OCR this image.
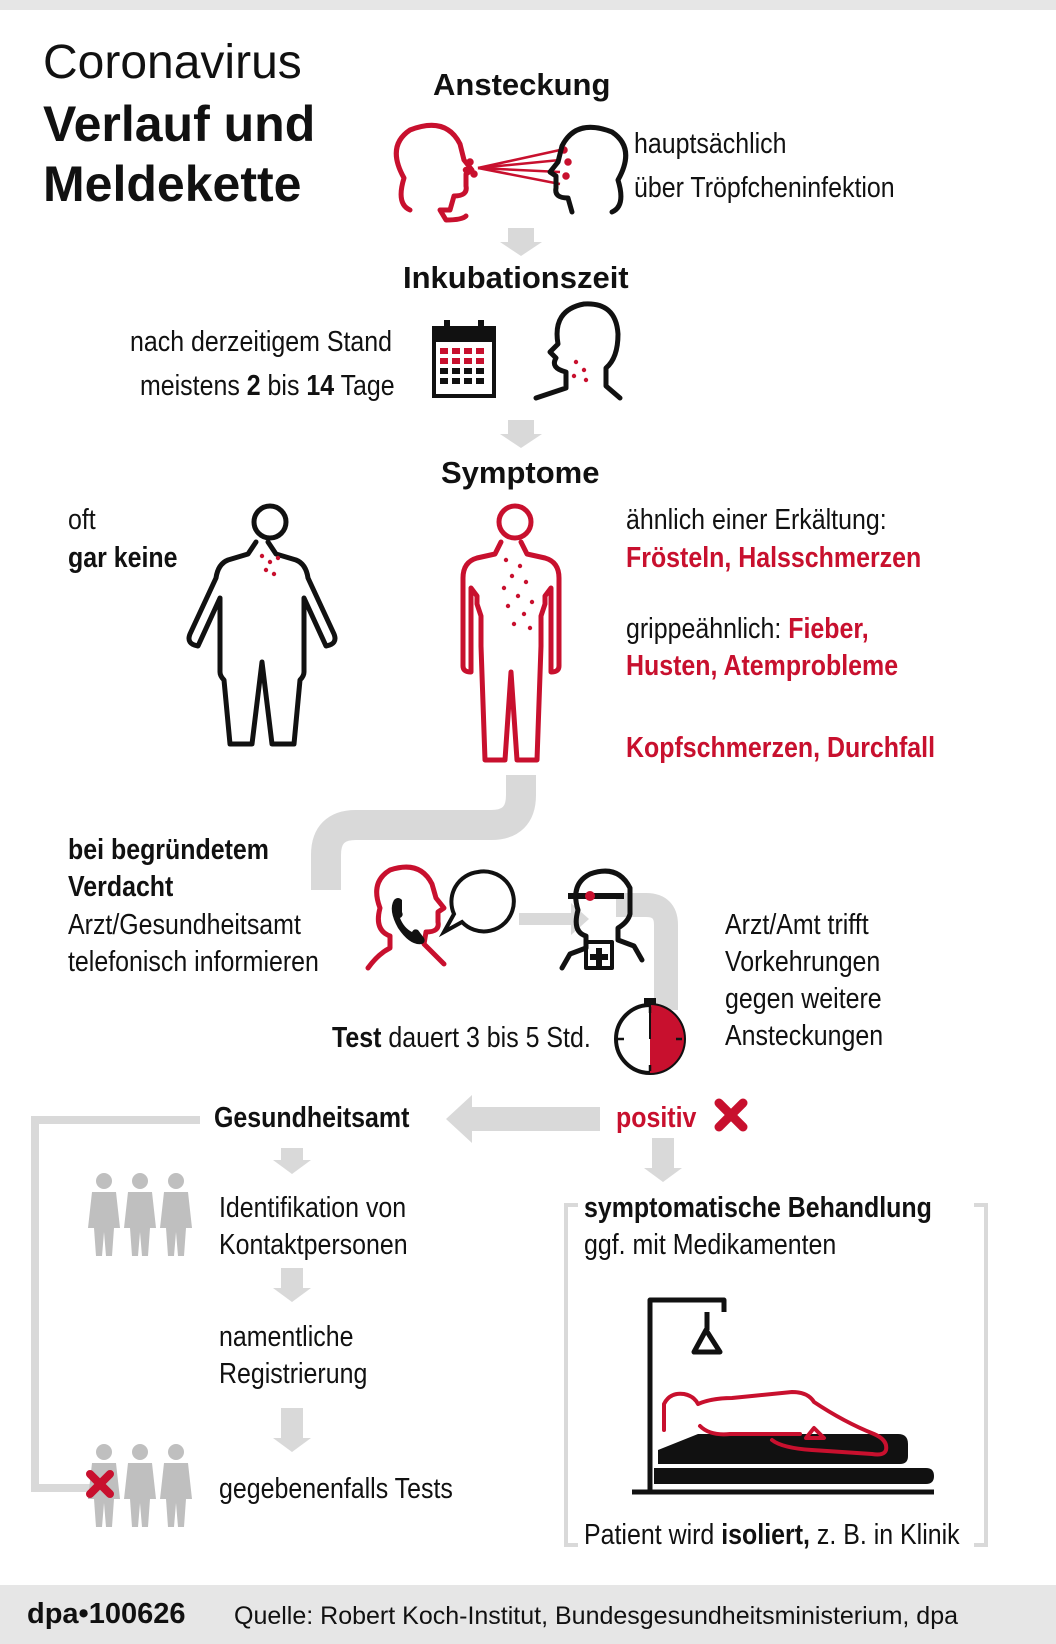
Coronavirus
Verlauf und
Meldekette
Ansteckung
hauptsächlich
über Tröpfcheninfektion
Inkubationszeit
nach derzeitigem Stand
meistens 2 bis 14 Tage
Symptome
oft
gar keine
ähnlich einer Erkältung:
Frösteln, Halsschmerzen
grippeähnlich: Fieber,
Husten, Atemprobleme
Kopfschmerzen, Durchfall
bei begründetem
Verdacht
Arzt/Gesundheitsamt
telefonisch informieren
Arzt/Amt trifft
Vorkehrungen
gegen weitere
Ansteckungen
Test dauert 3 bis 5 Std.
positiv
Gesundheitsamt
Identifikation von
Kontaktpersonen
namentliche
Registrierung
gegebenenfalls Tests
symptomatische Behandlung
ggf. mit Medikamenten
Patient wird isoliert, z. B. in Klinik
dpa•100626 Quelle: Robert Koch-Institut, Bundesgesundheitsministerium, dpa
